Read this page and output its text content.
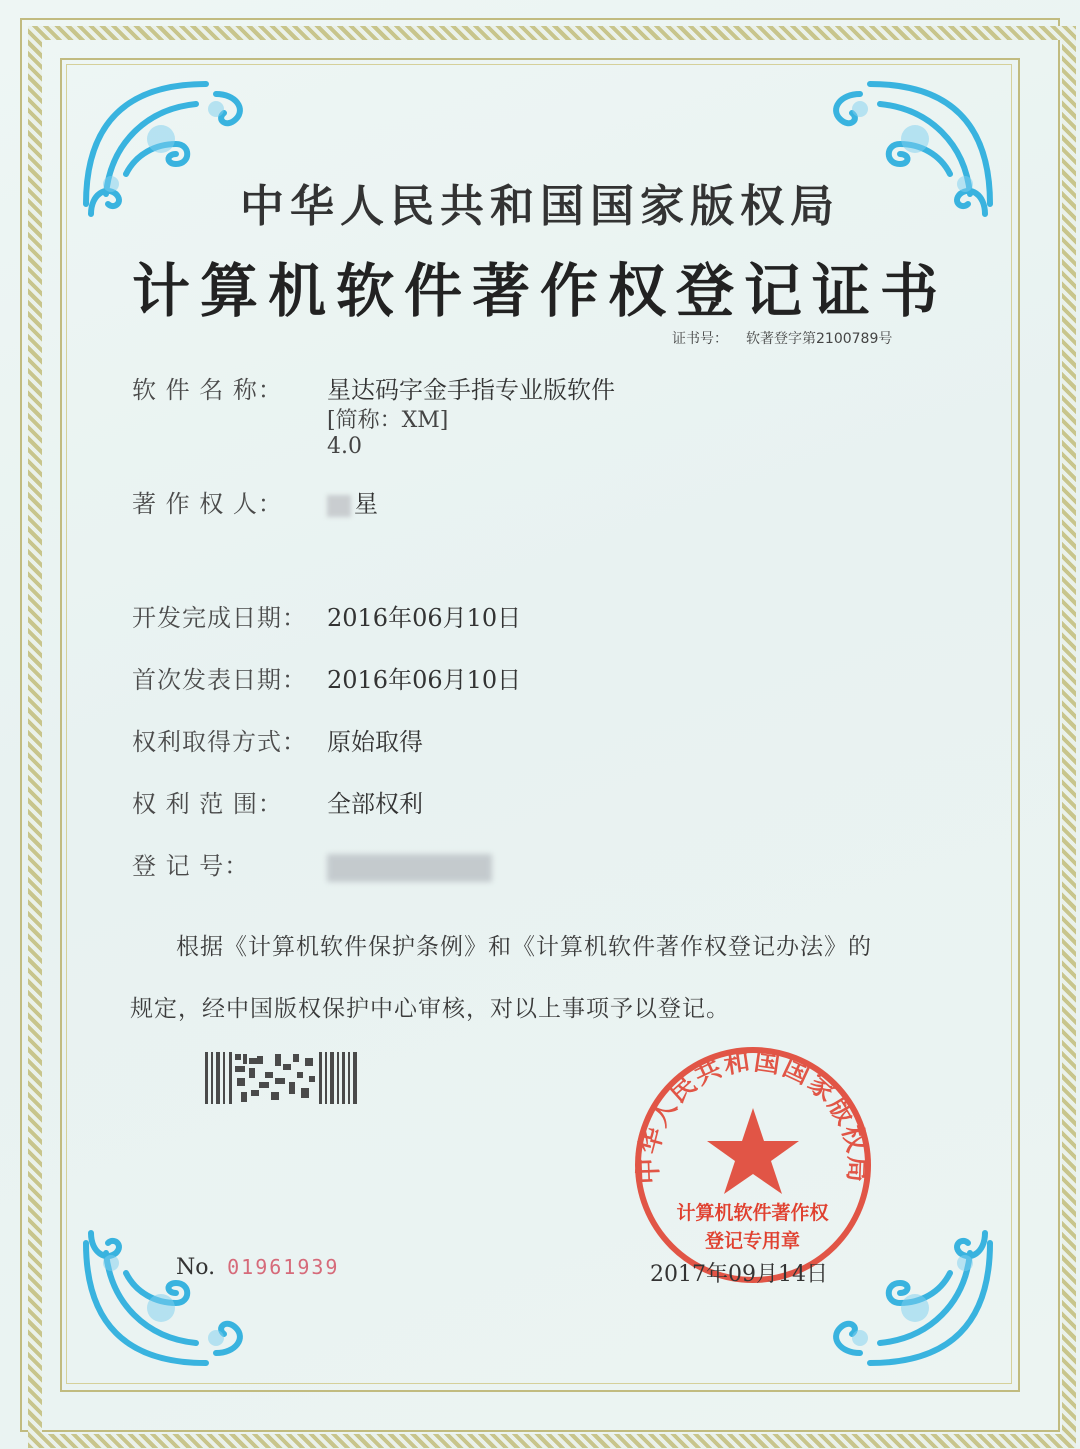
中华人民共和国国家版权局
计算机软件著作权登记证书
证书号： 软著登字第2100789号
软 件 名 称： 星达码字金手指专业版软件
[简称：XM]
4.0
著 作 权 人：	星
开发完成日期： 2016年06月10日
首次发表日期： 2016年06月10日
权利取得方式： 原始取得
权 利 范 围： 全部权利
登 记 号：
根据《计算机软件保护条例》和《计算机软件著作权登记办法》的
规定，经中国版权保护中心审核，对以上事项予以登记。
No. 01961939
中华人民共和国国家版权局
计算机软件著作权
登记专用章
2017年09月14日
